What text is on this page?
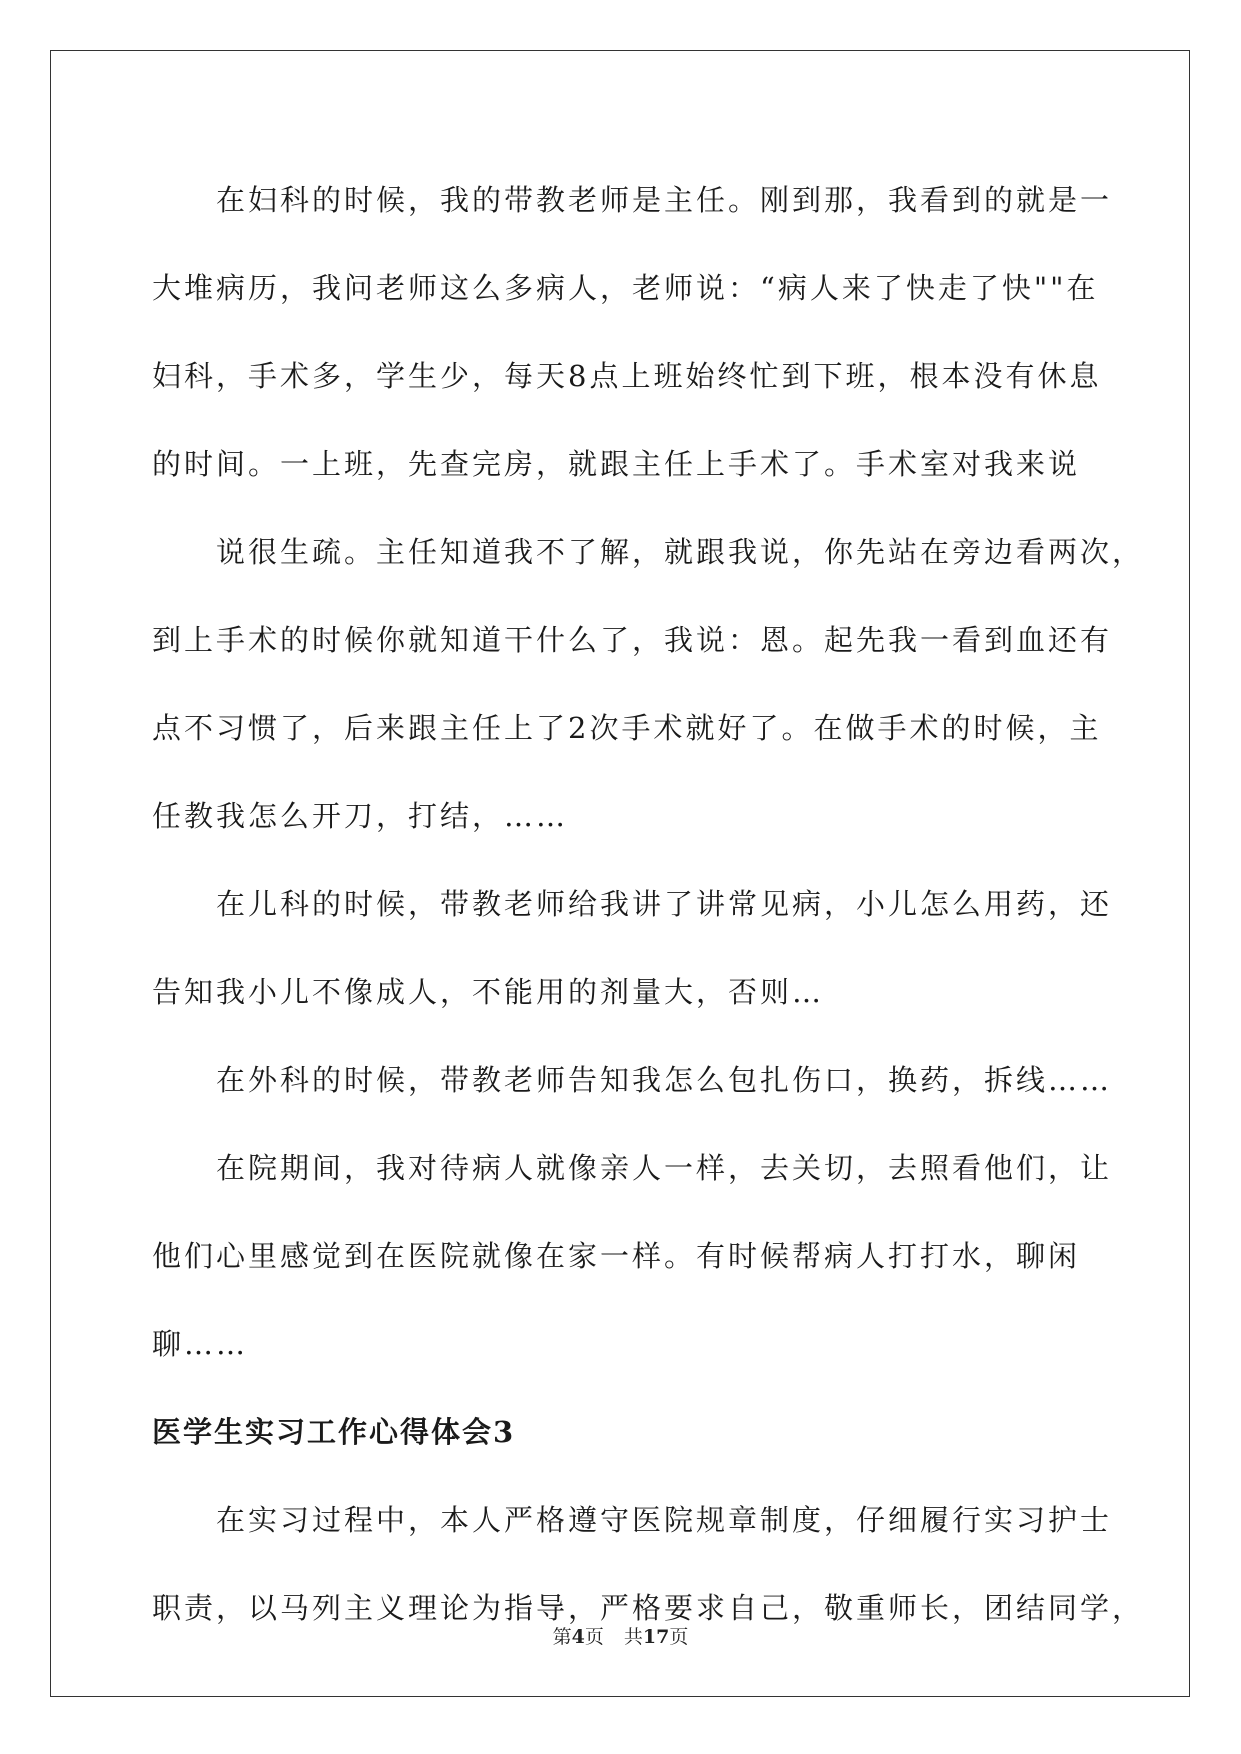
在妇科的时候，我的带教老师是主任。刚到那，我看到的就是一
大堆病历，我问老师这么多病人，老师说：“病人来了快走了快""在
妇科，手术多，学生少，每天8点上班始终忙到下班，根本没有休息
的时间。一上班，先查完房，就跟主任上手术了。手术室对我来说

说很生疏。主任知道我不了解，就跟我说，你先站在旁边看两次，
到上手术的时候你就知道干什么了，我说：恩。起先我一看到血还有
点不习惯了，后来跟主任上了2次手术就好了。在做手术的时候，主
任教我怎么开刀，打结，……

在儿科的时候，带教老师给我讲了讲常见病，小儿怎么用药，还
告知我小儿不像成人，不能用的剂量大，否则…

在外科的时候，带教老师告知我怎么包扎伤口，换药，拆线……

在院期间，我对待病人就像亲人一样，去关切，去照看他们，让
他们心里感觉到在医院就像在家一样。有时候帮病人打打水，聊闲
聊……

医学生实习工作心得体会3

在实习过程中，本人严格遵守医院规章制度，仔细履行实习护士
职责，以马列主义理论为指导，严格要求自己，敬重师长，团结同学，

第4页 共17页
